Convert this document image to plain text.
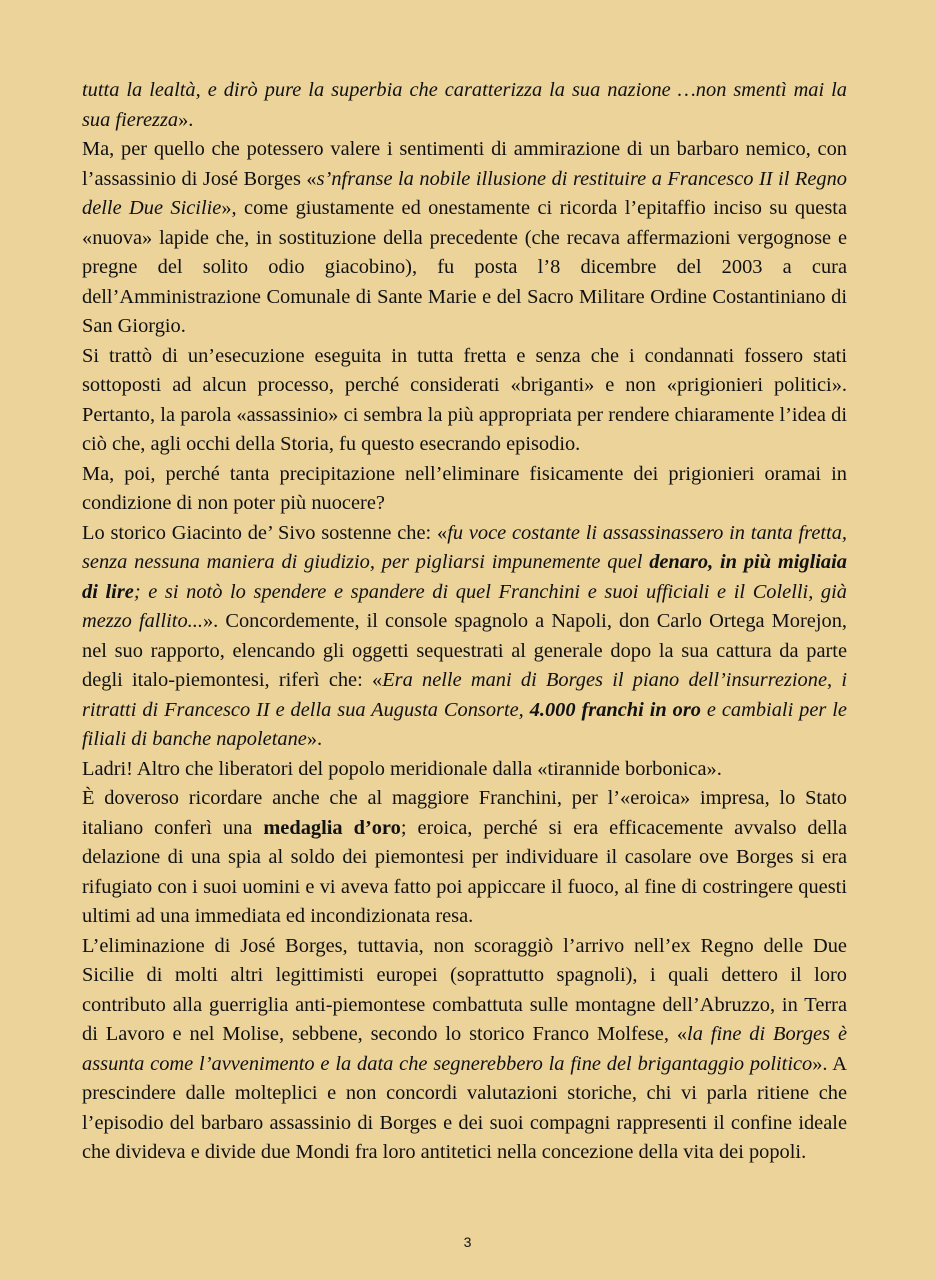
tutta la lealtà, e dirò pure la superbia che caratterizza la sua nazione …non smentì mai la sua fierezza».

Ma, per quello che potessero valere i sentimenti di ammirazione di un barbaro nemico, con l’assassinio di José Borges «s’nfranse la nobile illusione di restituire a Francesco II il Regno delle Due Sicilie», come giustamente ed onestamente ci ricorda l’epitaffio inciso su questa «nuova» lapide che, in sostituzione della precedente (che recava affermazioni vergognose e pregne del solito odio giacobino), fu posta l’8 dicembre del 2003 a cura dell’Amministrazione Comunale di Sante Marie e del Sacro Militare Ordine Costantiniano di San Giorgio.

Si trattò di un’esecuzione eseguita in tutta fretta e senza che i condannati fossero stati sottoposti ad alcun processo, perché considerati «briganti» e non «prigionieri politici». Pertanto, la parola «assassinio» ci sembra la più appropriata per rendere chiaramente l’idea di ciò che, agli occhi della Storia, fu questo esecrando episodio.

Ma, poi, perché tanta precipitazione nell’eliminare fisicamente dei prigionieri oramai in condizione di non poter più nuocere?

Lo storico Giacinto de’ Sivo sostenne che: «fu voce costante li assassinassero in tanta fretta, senza nessuna maniera di giudizio, per pigliarsi impunemente quel denaro, in più migliaia di lire; e si notò lo spendere e spandere di quel Franchini e suoi ufficiali e il Colelli, già mezzo fallito...». Concordemente, il console spagnolo a Napoli, don Carlo Ortega Morejon, nel suo rapporto, elencando gli oggetti sequestrati al generale dopo la sua cattura da parte degli italo-piemontesi, riferì che: «Era nelle mani di Borges il piano dell’insurrezione, i ritratti di Francesco II e della sua Augusta Consorte, 4.000 franchi in oro e cambiali per le filiali di banche napoletane».

Ladri! Altro che liberatori del popolo meridionale dalla «tirannide borbonica».

È doveroso ricordare anche che al maggiore Franchini, per l’«eroica» impresa, lo Stato italiano conferì una medaglia d’oro; eroica, perché si era efficacemente avvalso della delazione di una spia al soldo dei piemontesi per individuare il casolare ove Borges si era rifugiato con i suoi uomini e vi aveva fatto poi appiccare il fuoco, al fine di costringere questi ultimi ad una immediata ed incondizionata resa.

L’eliminazione di José Borges, tuttavia, non scoraggiò l’arrivo nell’ex Regno delle Due Sicilie di molti altri legittimisti europei (soprattutto spagnoli), i quali dettero il loro contributo alla guerriglia anti-piemontese combattuta sulle montagne dell’Abruzzo, in Terra di Lavoro e nel Molise, sebbene, secondo lo storico Franco Molfese, «la fine di Borges è assunta come l’avvenimento e la data che segnerebbero la fine del brigantaggio politico». A prescindere dalle molteplici e non concordi valutazioni storiche, chi vi parla ritiene che l’episodio del barbaro assassinio di Borges e dei suoi compagni rappresenti il confine ideale che divideva e divide due Mondi fra loro antitetici nella concezione della vita dei popoli.

3
